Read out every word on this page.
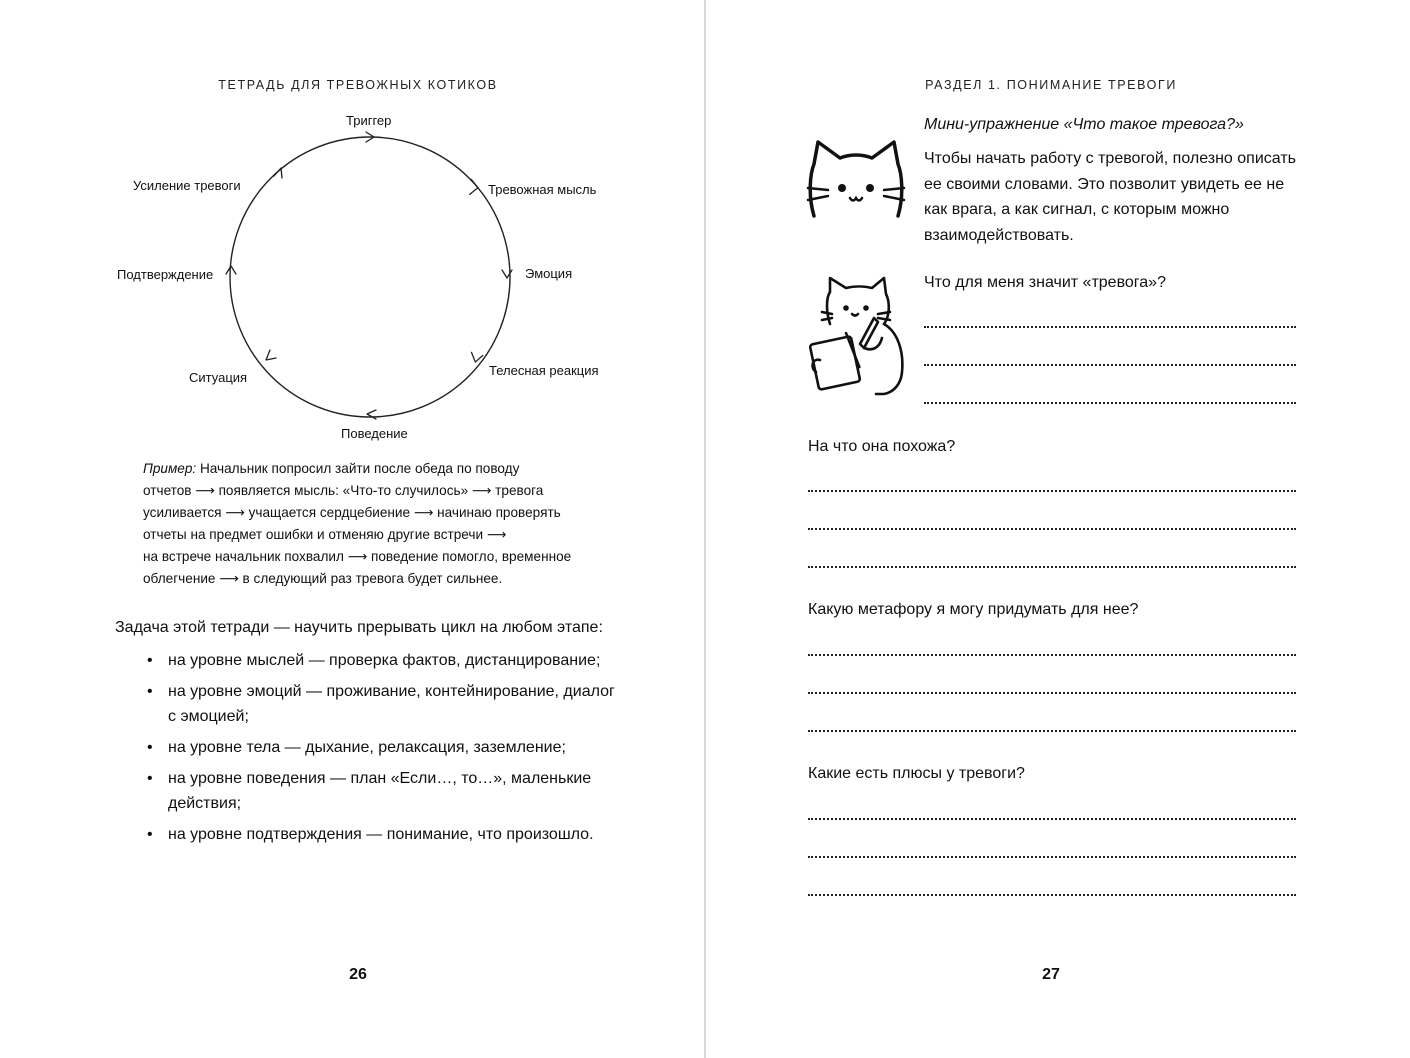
ТЕТРАДЬ ДЛЯ ТРЕВОЖНЫХ КОТИКОВ
Триггер
Тревожная мысль
Эмоция
Телесная реакция
Поведение
Ситуация
Подтверждение
Усиление тревоги

Пример: Начальник попросил зайти после обеда по поводу

отчетов ⟶ появляется мысль: «Что-то случилось» ⟶ тревога

усиливается ⟶ учащается сердцебиение ⟶ начинаю проверять

отчеты на предмет ошибки и отменяю другие встречи ⟶

на встрече начальник похвалил ⟶ поведение помогло, временное

облегчение ⟶ в следующий раз тревога будет сильнее.

Задача этой тетради — научить прерывать цикл на любом этапе:
• на уровне мыслей — проверка фактов, дистанцирование;
• на уровне эмоций — проживание, контейнирование, диалог с эмоцией;
• на уровне тела — дыхание, релаксация, заземление;
• на уровне поведения — план «Если…, то…», маленькие действия;
• на уровне подтверждения — понимание, что произошло.
26
РАЗДЕЛ 1. ПОНИМАНИЕ ТРЕВОГИ
Мини-упражнение «Что такое тревога?»

Чтобы начать работу с тревогой, полезно описать ее своими словами. Это позволит увидеть ее не как врага, а как сигнал, с которым можно взаимодействовать.

Что для меня значит «тревога»?
На что она похожа?
Какую метафору я могу придумать для нее?
Какие есть плюсы у тревоги?
27
